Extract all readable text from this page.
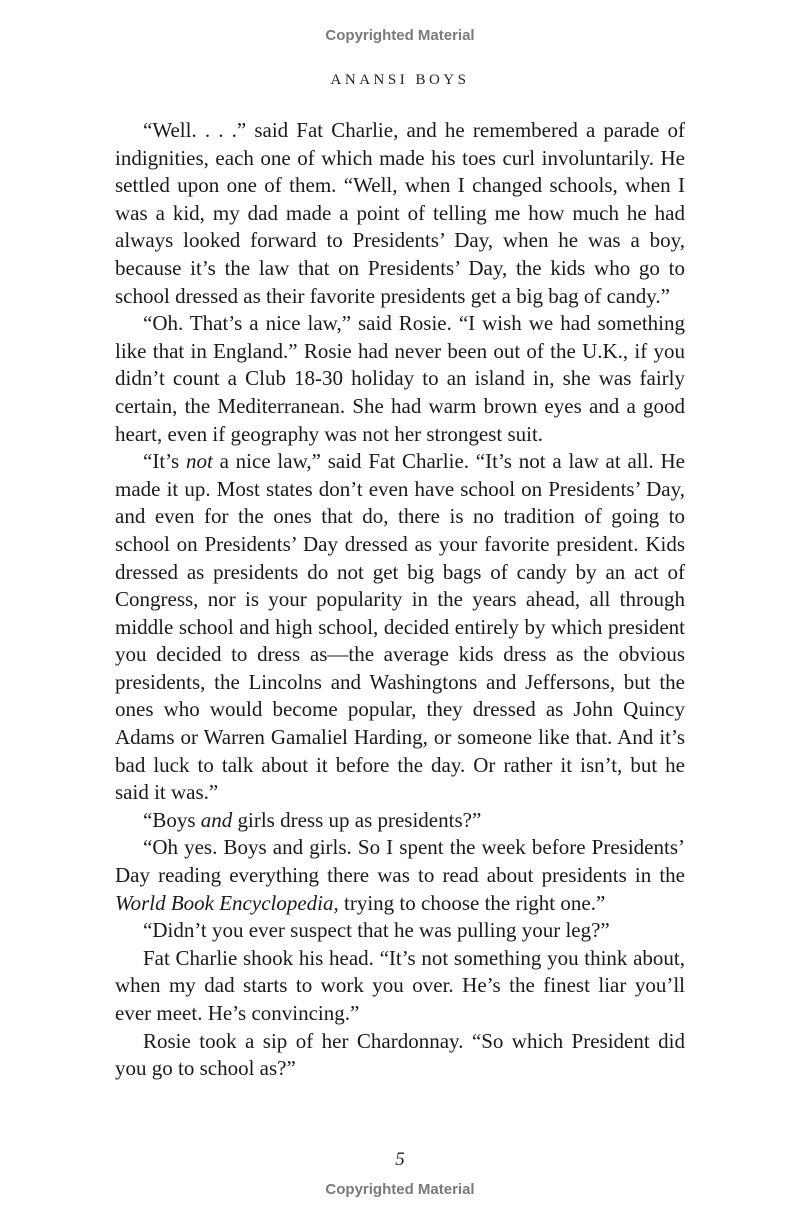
Copyrighted Material
ANANSI BOYS

“Well. . . .” said Fat Charlie, and he remembered a parade of indignities, each one of which made his toes curl involuntarily. He settled upon one of them. “Well, when I changed schools, when I was a kid, my dad made a point of telling me how much he had always looked forward to Presidents’ Day, when he was a boy, because it’s the law that on Presidents’ Day, the kids who go to school dressed as their favorite presidents get a big bag of candy.”

“Oh. That’s a nice law,” said Rosie. “I wish we had something like that in England.” Rosie had never been out of the U.K., if you didn’t count a Club 18-30 holiday to an island in, she was fairly certain, the Mediterranean. She had warm brown eyes and a good heart, even if geography was not her strongest suit.

“It’s not a nice law,” said Fat Charlie. “It’s not a law at all. He made it up. Most states don’t even have school on Presidents’ Day, and even for the ones that do, there is no tradition of going to school on Presidents’ Day dressed as your favorite president. Kids dressed as presidents do not get big bags of candy by an act of Congress, nor is your popularity in the years ahead, all through middle school and high school, decided entirely by which president you decided to dress as—the average kids dress as the obvious presidents, the Lincolns and Washingtons and Jeffersons, but the ones who would become popular, they dressed as John Quincy Adams or Warren Gamaliel Harding, or someone like that. And it’s bad luck to talk about it before the day. Or rather it isn’t, but he said it was.”

“Boys and girls dress up as presidents?”

“Oh yes. Boys and girls. So I spent the week before Presidents’ Day reading everything there was to read about presidents in the World Book Encyclopedia, trying to choose the right one.”

“Didn’t you ever suspect that he was pulling your leg?”

Fat Charlie shook his head. “It’s not something you think about, when my dad starts to work you over. He’s the finest liar you’ll ever meet. He’s convincing.”

Rosie took a sip of her Chardonnay. “So which President did you go to school as?”

5
Copyrighted Material
